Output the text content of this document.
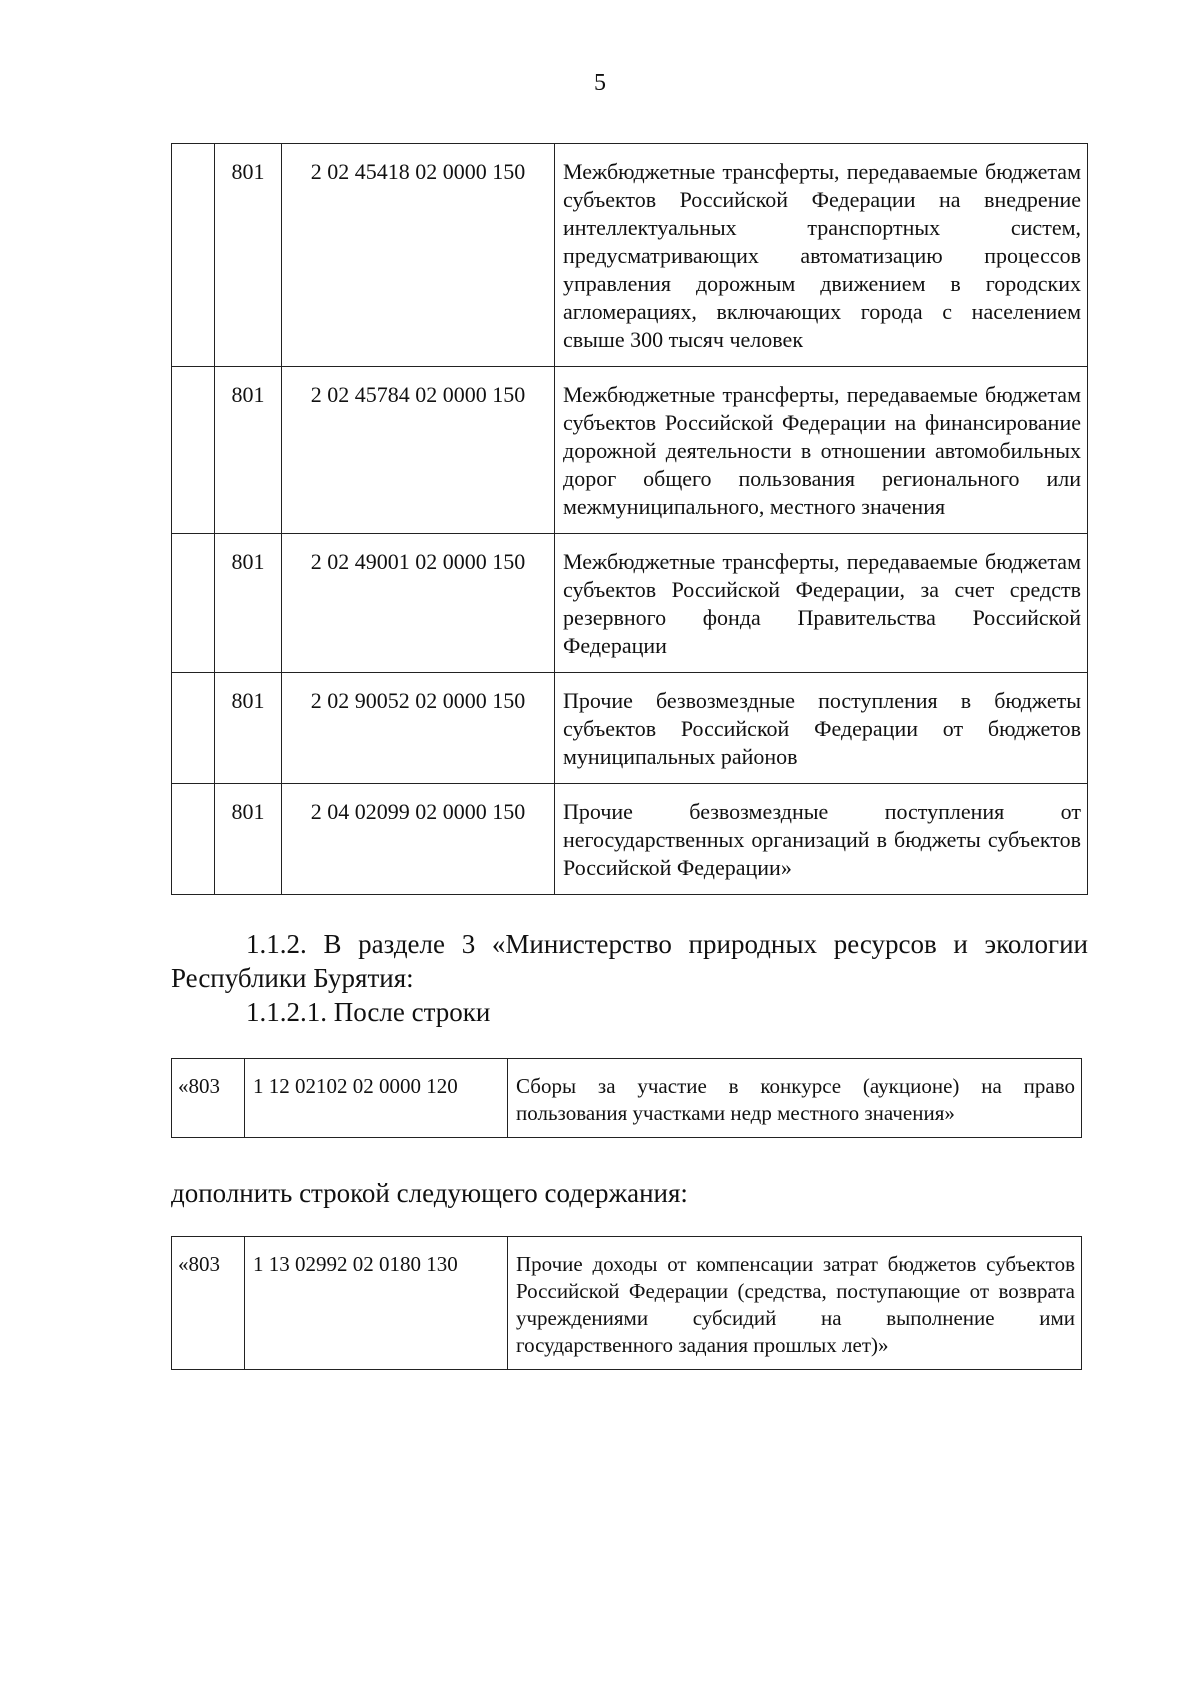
5
	801	2 02 45418 02 0000 150	Межбюджетные трансферты, передаваемые бюджетам субъектов Российской Федерации на внедрение интеллектуальных транспортных систем, предусматривающих автоматизацию процессов управления дорожным движением в городских агломерациях, включающих города с населением свыше 300 тысяч человек
	801	2 02 45784 02 0000 150	Межбюджетные трансферты, передаваемые бюджетам субъектов Российской Федерации на финансирование дорожной деятельности в отношении автомобильных дорог общего пользования регионального или межмуниципального, местного значения
	801	2 02 49001 02 0000 150	Межбюджетные трансферты, передаваемые бюджетам субъектов Российской Федерации, за счет средств резервного фонда Правительства Российской Федерации
	801	2 02 90052 02 0000 150	Прочие безвозмездные поступления в бюджеты субъектов Российской Федерации от бюджетов муниципальных районов
	801	2 04 02099 02 0000 150	Прочие безвозмездные поступления от негосударственных организаций в бюджеты субъектов Российской Федерации»
1.1.2. В разделе 3 «Министерство природных ресурсов и экологии Республики Бурятия:
1.1.2.1. После строки
«803	1 12 02102 02 0000 120	Сборы за участие в конкурсе (аукционе) на право пользования участками недр местного значения»
дополнить строкой следующего содержания:
«803	1 13 02992 02 0180 130	Прочие доходы от компенсации затрат бюджетов субъектов Российской Федерации (средства, поступающие от возврата учреждениями субсидий на выполнение ими государственного задания прошлых лет)»
